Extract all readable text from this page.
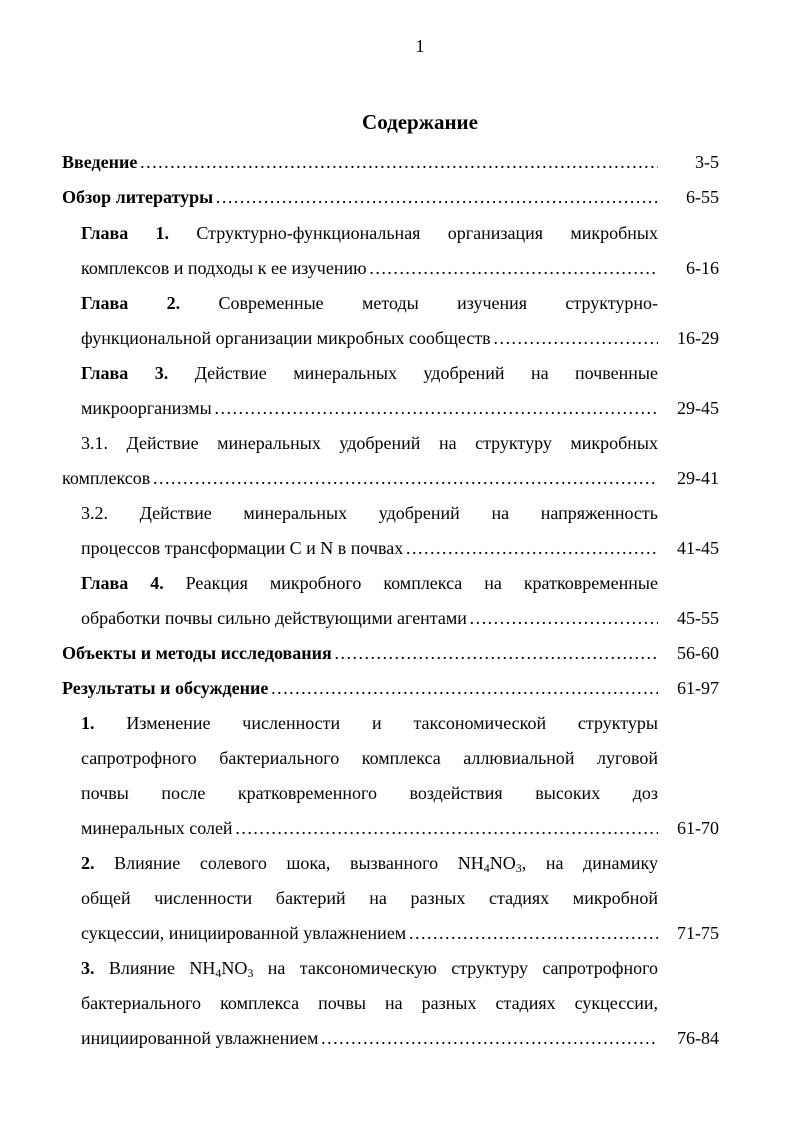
1
Содержание
Введение …………………………………………………………………………………………………………………………………………………………………………………………	3-5
Обзор литературы …………………………………………………………………………………………………………………………………………………………………………………………	6-55
Глава 1. Структурно-функциональная организация микробных
комплексов и подходы к ее изучению …………………………………………………………………………………………………………………………………………………………………………………………	6-16
Глава 2. Современные методы изучения структурно-
функциональной организации микробных сообществ …………………………………………………………………………………………………………………………………………………………………………………………	16-29
Глава 3. Действие минеральных удобрений на почвенные
микроорганизмы …………………………………………………………………………………………………………………………………………………………………………………………	29-45
3.1. Действие минеральных удобрений на структуру микробных
комплексов …………………………………………………………………………………………………………………………………………………………………………………………	29-41
3.2. Действие минеральных удобрений на напряженность
процессов трансформации C и N в почвах …………………………………………………………………………………………………………………………………………………………………………………………	41-45
Глава 4. Реакция микробного комплекса на кратковременные
обработки почвы сильно действующими агентами …………………………………………………………………………………………………………………………………………………………………………………………	45-55
Объекты и методы исследования …………………………………………………………………………………………………………………………………………………………………………………………	56-60
Результаты и обсуждение …………………………………………………………………………………………………………………………………………………………………………………………	61-97
1. Изменение численности и таксономической структуры
сапротрофного бактериального комплекса аллювиальной луговой
почвы после кратковременного воздействия высоких доз
минеральных солей …………………………………………………………………………………………………………………………………………………………………………………………	61-70
2. Влияние солевого шока, вызванного $NH_4NO_3$, на динамику
общей численности бактерий на разных стадиях микробной
сукцессии, инициированной увлажнением …………………………………………………………………………………………………………………………………………………………………………………………	71-75
3. Влияние $NH_4NO_3$ на таксономическую структуру сапротрофного
бактериального комплекса почвы на разных стадиях сукцессии,
инициированной увлажнением …………………………………………………………………………………………………………………………………………………………………………………………	76-84
